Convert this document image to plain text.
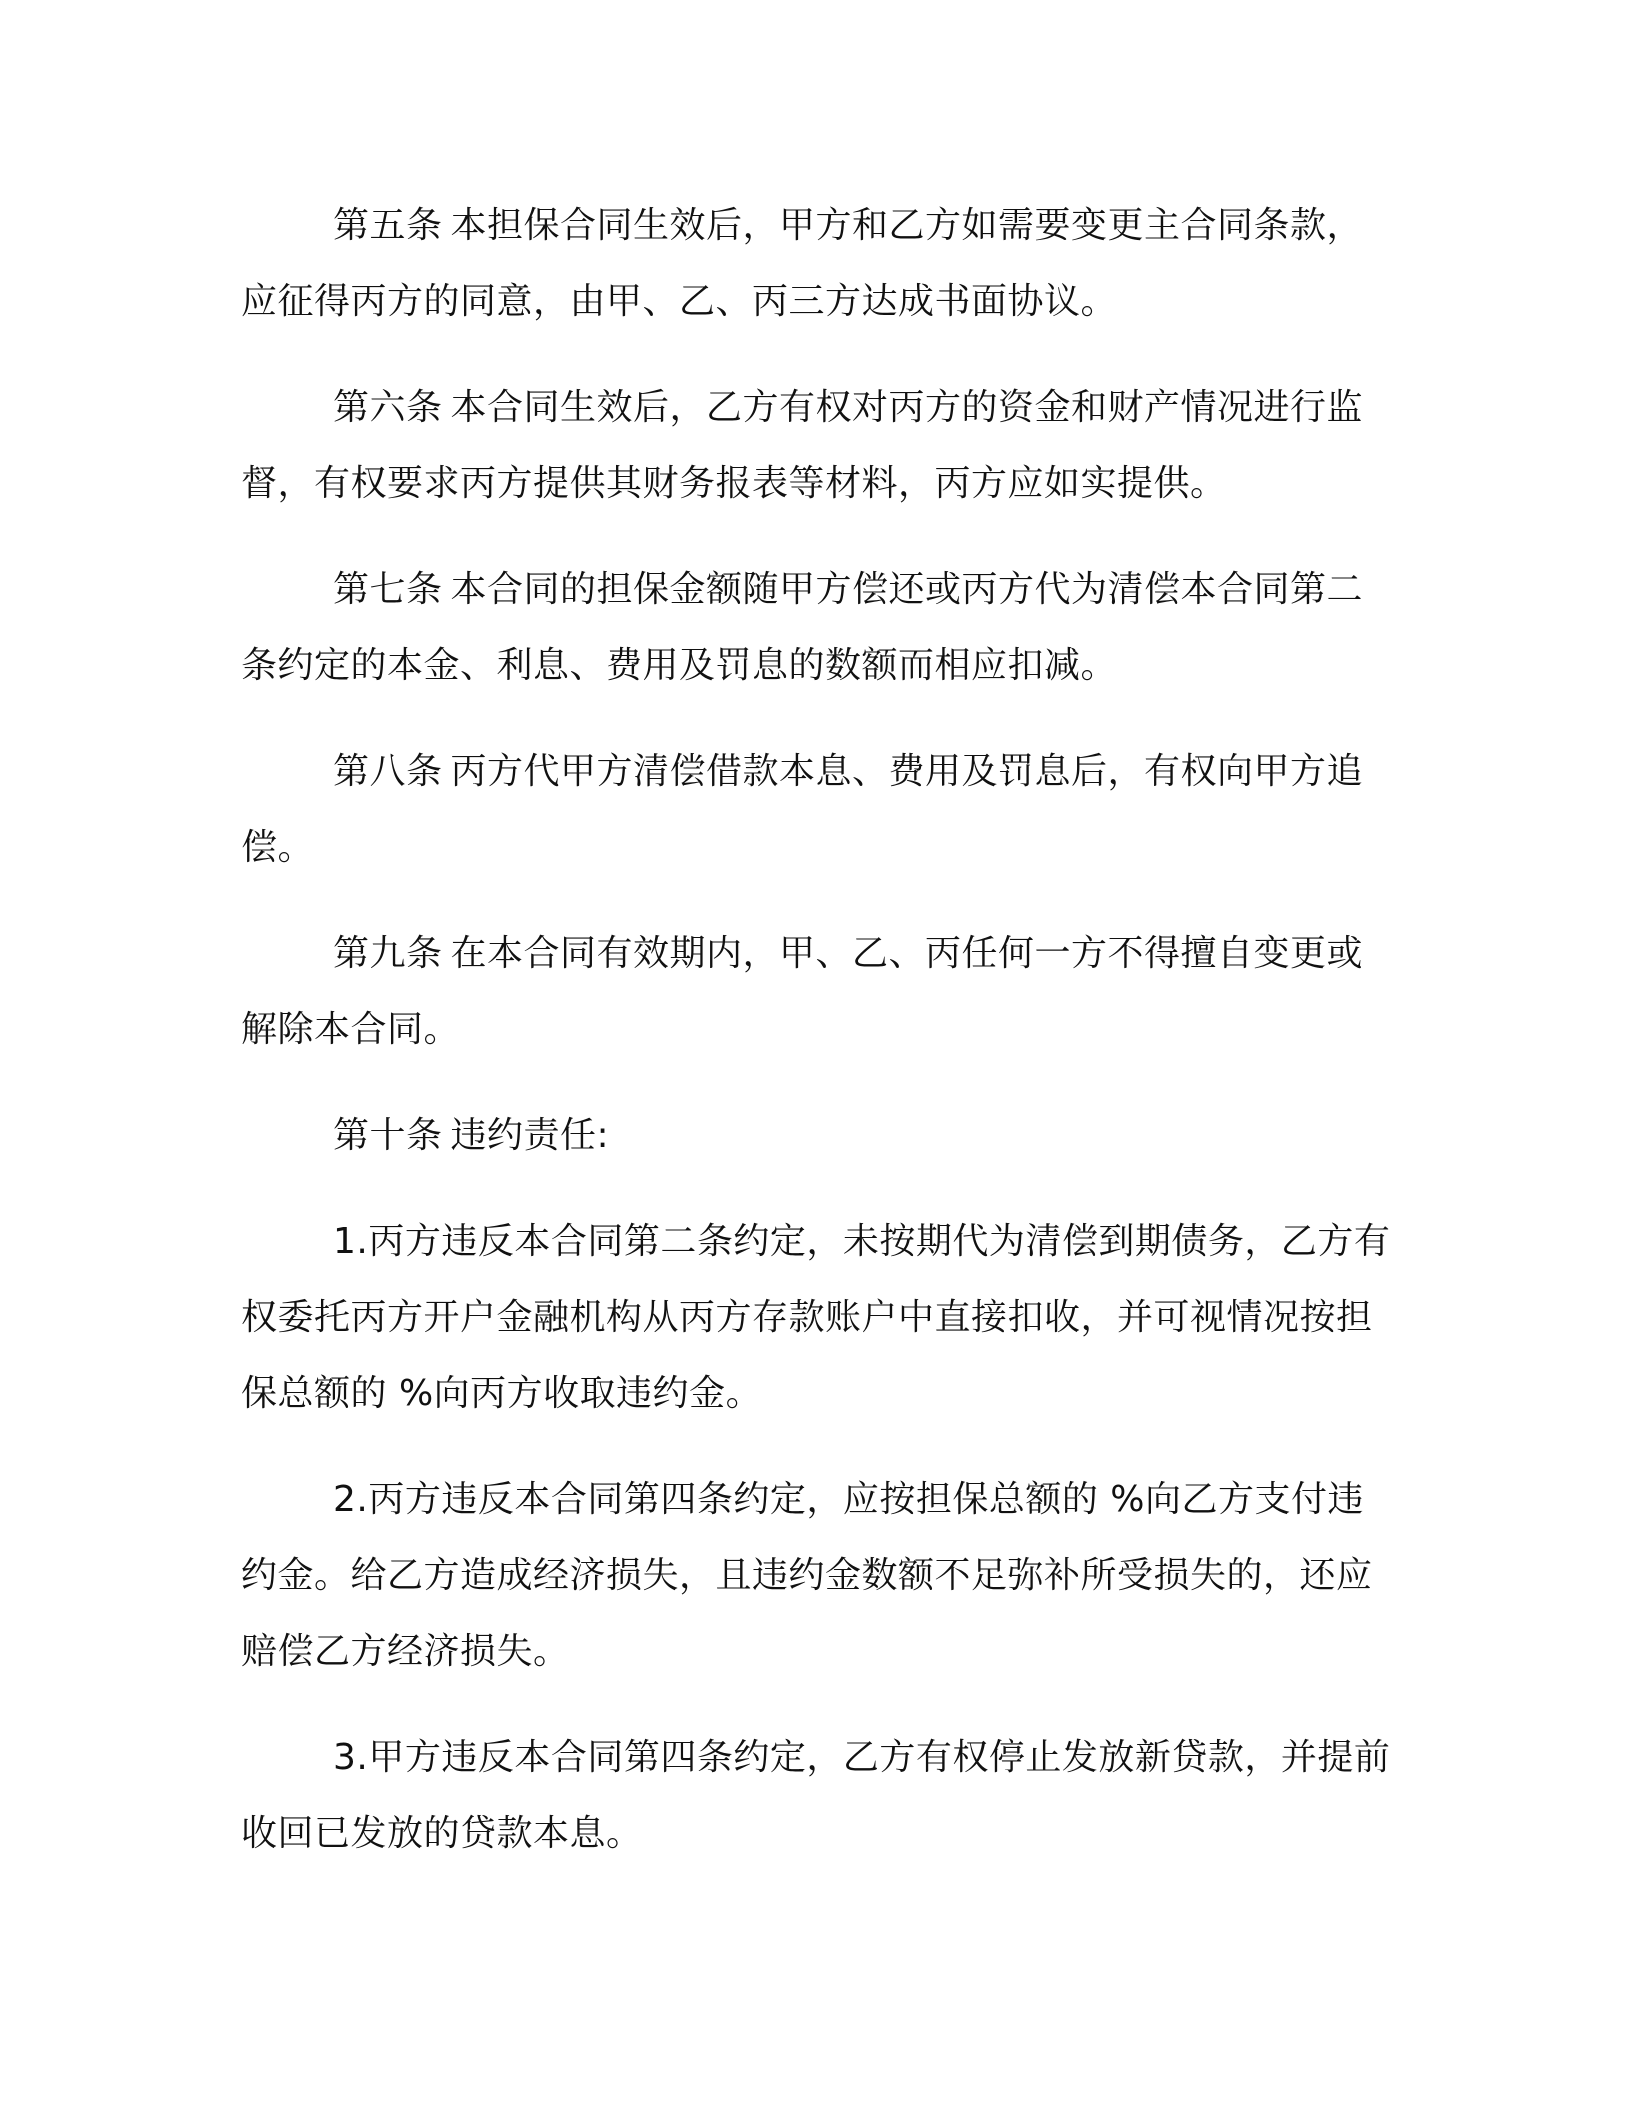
第五条 本担保合同生效后，甲方和乙方如需要变更主合同条款，应征得丙方的同意，由甲、乙、丙三方达成书面协议。

第六条 本合同生效后，乙方有权对丙方的资金和财产情况进行监督，有权要求丙方提供其财务报表等材料，丙方应如实提供。

第七条 本合同的担保金额随甲方偿还或丙方代为清偿本合同第二条约定的本金、利息、费用及罚息的数额而相应扣减。

第八条 丙方代甲方清偿借款本息、费用及罚息后，有权向甲方追偿。

第九条 在本合同有效期内，甲、乙、丙任何一方不得擅自变更或解除本合同。

第十条 违约责任:

1.丙方违反本合同第二条约定，未按期代为清偿到期债务，乙方有权委托丙方开户金融机构从丙方存款账户中直接扣收，并可视情况按担保总额的 %向丙方收取违约金。

2.丙方违反本合同第四条约定，应按担保总额的 %向乙方支付违约金。给乙方造成经济损失，且违约金数额不足弥补所受损失的，还应赔偿乙方经济损失。

3.甲方违反本合同第四条约定，乙方有权停止发放新贷款，并提前收回已发放的贷款本息。
